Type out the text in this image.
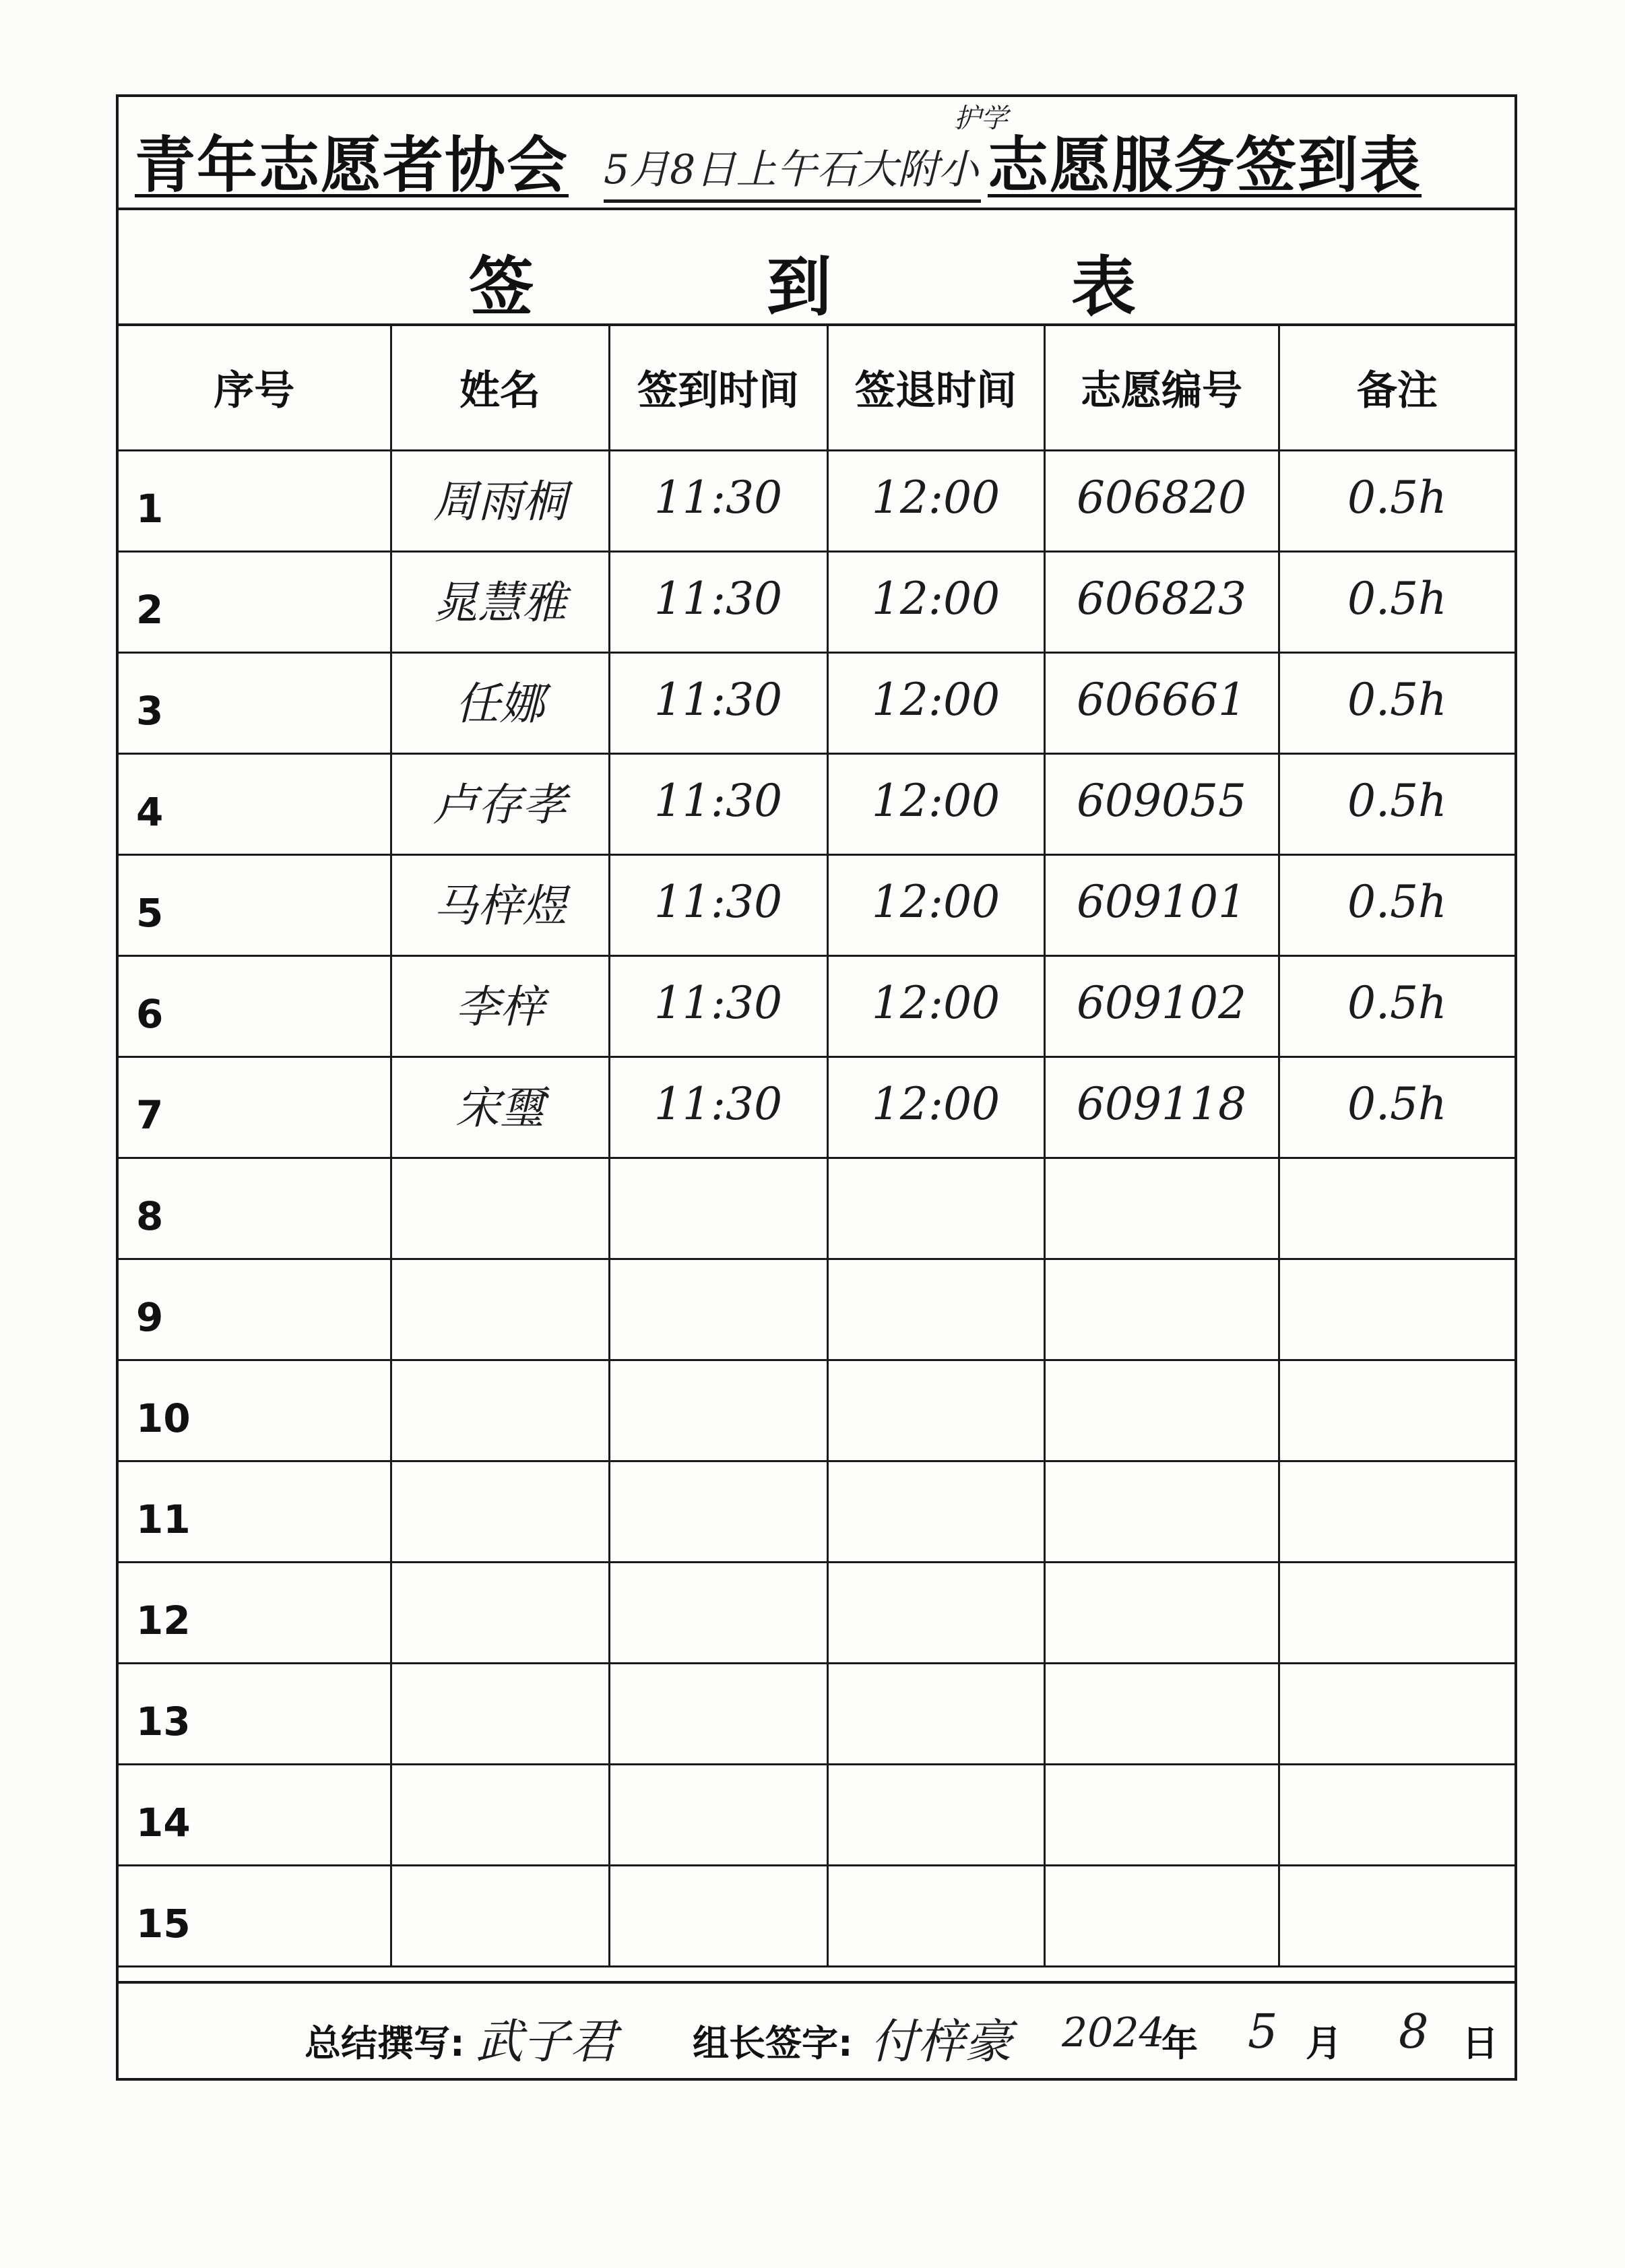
青年志愿者协会 5月8日上午石大附小
护学
志愿服务签到表
签	到	表
序号	姓名	签到时间	签退时间	志愿编号	备注
1	周雨桐	11:30	12:00	606820	0.5h
2	晁慧雅	11:30	12:00	606823	0.5h
3	任娜	11:30	12:00	606661	0.5h
4	卢存孝	11:30	12:00	609055	0.5h
5	马梓煜	11:30	12:00	609101	0.5h
6	李梓	11:30	12:00	609102	0.5h
7	宋璽	11:30	12:00	609118	0.5h
8					
9					
10					
11					
12					
13					
14					
15					
总结撰写: 武子君 组长签字: 付梓豪 2024
年 5 月 8 日
